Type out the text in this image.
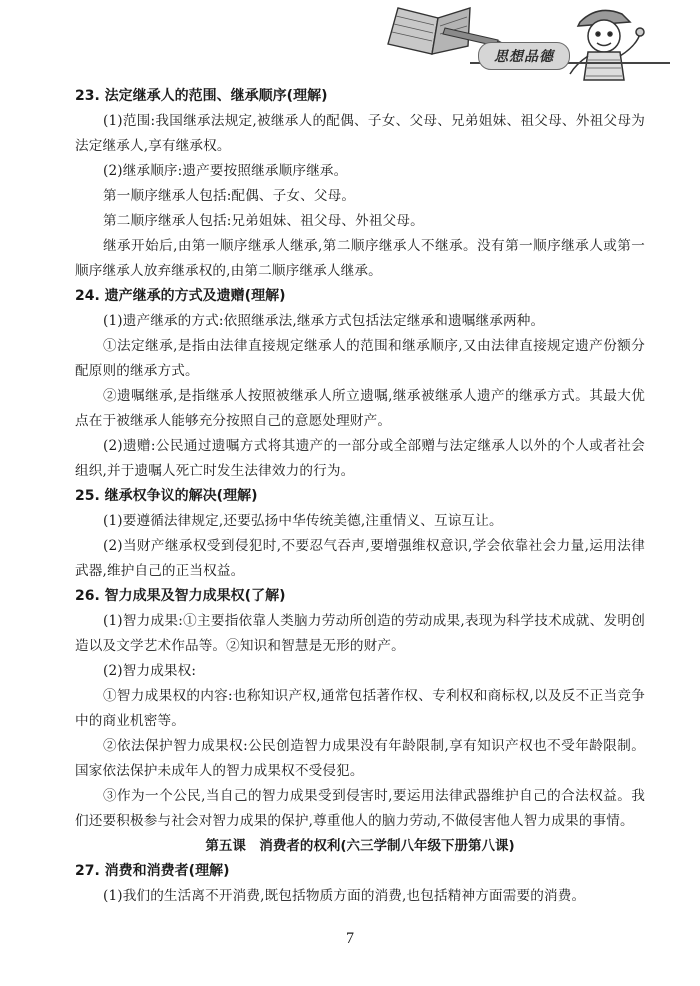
思想品德
23. 法定继承人的范围、继承顺序(理解)

(1)范围:我国继承法规定,被继承人的配偶、子女、父母、兄弟姐妹、祖父母、外祖父母为法定继承人,享有继承权。

(2)继承顺序:遗产要按照继承顺序继承。

第一顺序继承人包括:配偶、子女、父母。

第二顺序继承人包括:兄弟姐妹、祖父母、外祖父母。

继承开始后,由第一顺序继承人继承,第二顺序继承人不继承。没有第一顺序继承人或第一顺序继承人放弃继承权的,由第二顺序继承人继承。

24. 遗产继承的方式及遗赠(理解)

(1)遗产继承的方式:依照继承法,继承方式包括法定继承和遗嘱继承两种。

①法定继承,是指由法律直接规定继承人的范围和继承顺序,又由法律直接规定遗产份额分配原则的继承方式。

②遗嘱继承,是指继承人按照被继承人所立遗嘱,继承被继承人遗产的继承方式。其最大优点在于被继承人能够充分按照自己的意愿处理财产。

(2)遗赠:公民通过遗嘱方式将其遗产的一部分或全部赠与法定继承人以外的个人或者社会组织,并于遗嘱人死亡时发生法律效力的行为。

25. 继承权争议的解决(理解)

(1)要遵循法律规定,还要弘扬中华传统美德,注重情义、互谅互让。

(2)当财产继承权受到侵犯时,不要忍气吞声,要增强维权意识,学会依靠社会力量,运用法律武器,维护自己的正当权益。

26. 智力成果及智力成果权(了解)

(1)智力成果:①主要指依靠人类脑力劳动所创造的劳动成果,表现为科学技术成就、发明创造以及文学艺术作品等。②知识和智慧是无形的财产。

(2)智力成果权:

①智力成果权的内容:也称知识产权,通常包括著作权、专利权和商标权,以及反不正当竞争中的商业机密等。

②依法保护智力成果权:公民创造智力成果没有年龄限制,享有知识产权也不受年龄限制。国家依法保护未成年人的智力成果权不受侵犯。

③作为一个公民,当自己的智力成果受到侵害时,要运用法律武器维护自己的合法权益。我们还要积极参与社会对智力成果的保护,尊重他人的脑力劳动,不做侵害他人智力成果的事情。

第五课　消费者的权利(六三学制八年级下册第八课)
27. 消费和消费者(理解)

(1)我们的生活离不开消费,既包括物质方面的消费,也包括精神方面需要的消费。

7
